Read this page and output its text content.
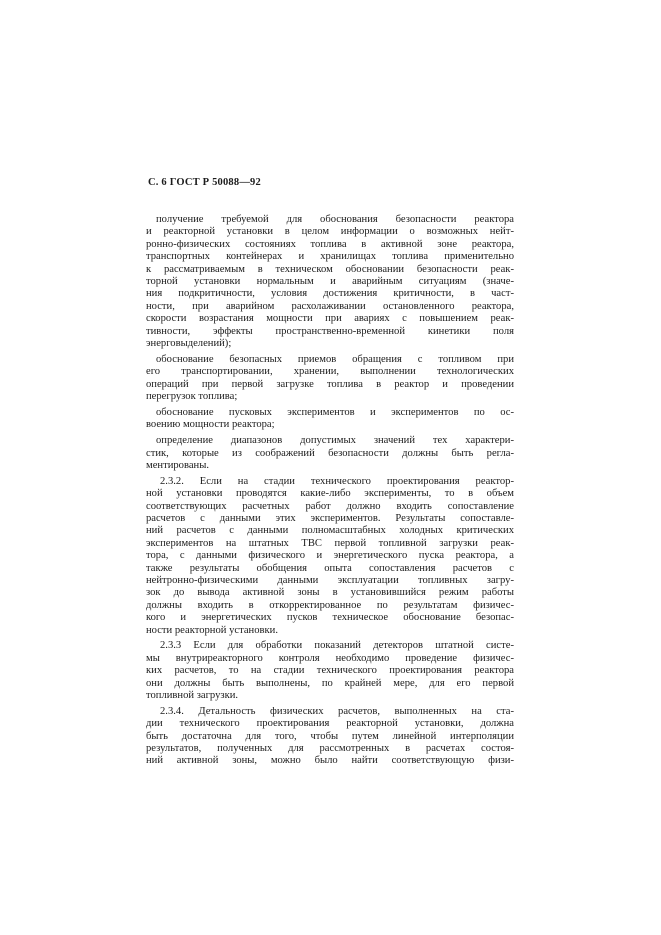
С. 6 ГОСТ Р 50088—92
получение требуемой для обоснования безопасности реактора
и реакторной установки в целом информации о возможных нейт-
ронно-физических состояниях топлива в активной зоне реактора,
транспортных контейнерах и хранилищах топлива применительно
к рассматриваемым в техническом обосновании безопасности реак-
торной установки нормальным и аварийным ситуациям (значе-
ния подкритичности, условия достижения критичности, в част-
ности, при аварийном расхолаживании остановленного реактора,
скорости возрастания мощности при авариях с повышением реак-
тивности, эффекты пространственно-временной кинетики поля
энерговыделений);
обоснование безопасных приемов обращения с топливом при
его транспортировании, хранении, выполнении технологических
операций при первой загрузке топлива в реактор и проведении
перегрузок топлива;
обоснование пусковых экспериментов и экспериментов по ос-
воению мощности реактора;
определение диапазонов допустимых значений тех характери-
стик, которые из соображений безопасности должны быть регла-
ментированы.
2.3.2. Если на стадии технического проектирования реактор-
ной установки проводятся какие-либо эксперименты, то в объем
соответствующих расчетных работ должно входить сопоставление
расчетов с данными этих экспериментов. Результаты сопоставле-
ний расчетов с данными полномасштабных холодных критических
экспериментов на штатных ТВС первой топливной загрузки реак-
тора, с данными физического и энергетического пуска реактора, а
также результаты обобщения опыта сопоставления расчетов с
нейтронно-физическими данными эксплуатации топливных загру-
зок до вывода активной зоны в установившийся режим работы
должны входить в откорректированное по результатам физичес-
кого и энергетических пусков техническое обоснование безопас-
ности реакторной установки.
2.3.3 Если для обработки показаний детекторов штатной систе-
мы внутриреакторного контроля необходимо проведение физичес-
ких расчетов, то на стадии технического проектирования реактора
они должны быть выполнены, по крайней мере, для его первой
топливной загрузки.
2.3.4. Детальность физических расчетов, выполненных на ста-
дии технического проектирования реакторной установки, должна
быть достаточна для того, чтобы путем линейной интерполяции
результатов, полученных для рассмотренных в расчетах состоя-
ний активной зоны, можно было найти соответствующую физи-
